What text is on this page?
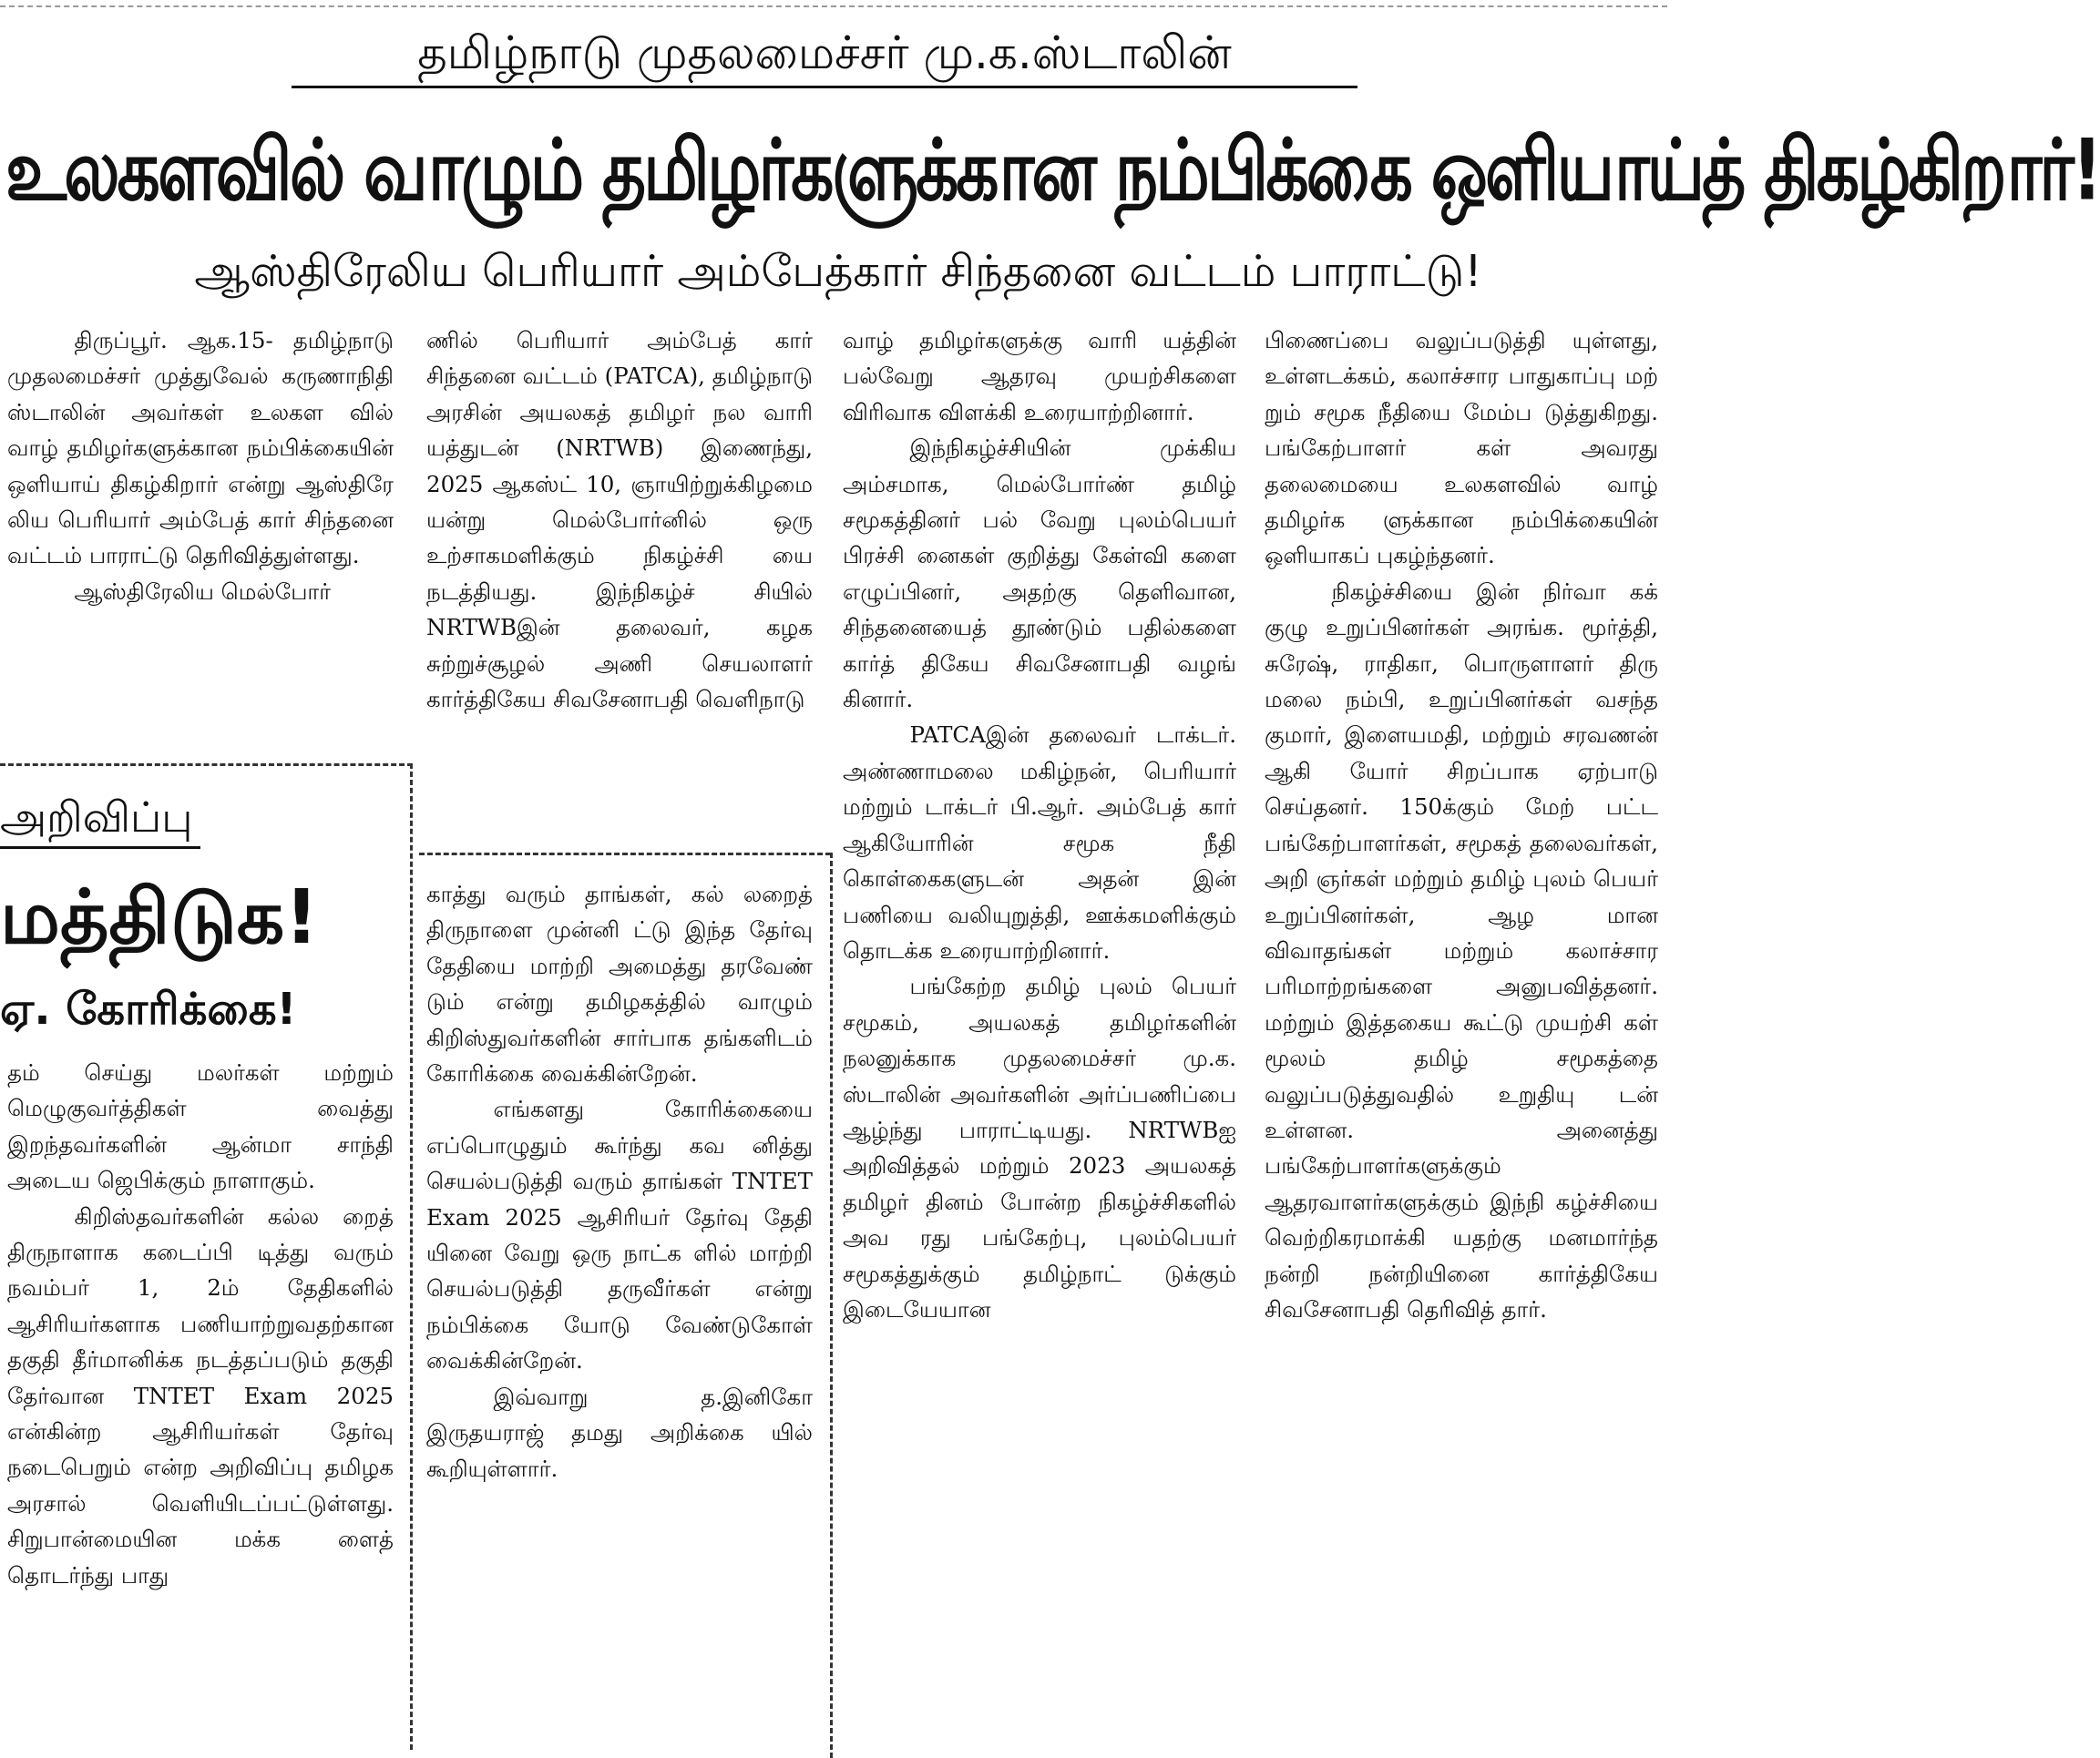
தமிழ்நாடு முதலமைச்சர் மு.க.ஸ்டாலின்
உலகளவில் வாழும் தமிழர்களுக்கான நம்பிக்கை ஒளியாய்த் திகழ்கிறார்!
ஆஸ்திரேலிய பெரியார் அம்பேத்கார் சிந்தனை வட்டம் பாராட்டு!

திருப்பூர். ஆக.15- தமிழ்நாடு முதலமைச்சர் முத்துவேல் கருணாநிதி ஸ்டாலின் அவர்கள் உலகள வில் வாழ் தமிழர்களுக்கான நம்பிக்கையின் ஒளியாய் திகழ்கிறார் என்று ஆஸ்திரே லிய பெரியார் அம்பேத் கார் சிந்தனை வட்டம் பாராட்டு தெரிவித்துள்ளது.

ஆஸ்திரேலிய மெல்போர்

ணில் பெரியார் அம்பேத் கார் சிந்தனை வட்டம் (PATCA), தமிழ்நாடு அரசின் அயலகத் தமிழர் நல வாரி யத்துடன் (NRTWB) இணைந்து, 2025 ஆகஸ்ட் 10, ஞாயிற்றுக்கிழமை யன்று மெல்போர்னில் ஒரு உற்சாகமளிக்கும் நிகழ்ச்சி யை நடத்தியது. இந்நிகழ்ச் சியில் NRTWBஇன் தலைவர், கழக சுற்றுச்சூழல் அணி செயலாளர் கார்த்திகேய சிவசேனாபதி வெளிநாடு

வாழ் தமிழர்களுக்கு வாரி யத்தின் பல்வேறு ஆதரவு முயற்சிகளை விரிவாக விளக்கி உரையாற்றினார்.

இந்நிகழ்ச்சியின் முக்கிய அம்சமாக, மெல்போர்ண் தமிழ் சமூகத்தினர் பல் வேறு புலம்பெயர் பிரச்சி னைகள் குறித்து கேள்வி களை எழுப்பினர், அதற்கு தெளிவான, சிந்தனையைத் தூண்டும் பதில்களை கார்த் திகேய சிவசேனாபதி வழங் கினார்.

PATCAஇன் தலைவர் டாக்டர். அண்ணாமலை மகிழ்நன், பெரியார் மற்றும் டாக்டர் பி.ஆர். அம்பேத் கார் ஆகியோரின் சமூக நீதி கொள்கைகளுடன் அதன் இன் பணியை வலியுறுத்தி, ஊக்கமளிக்கும் தொடக்க உரையாற்றினார்.

பங்கேற்ற தமிழ் புலம் பெயர் சமூகம், அயலகத் தமிழர்களின் நலனுக்காக முதலமைச்சர் மு.க. ஸ்டாலின் அவர்களின் அர்ப்பணிப்பை ஆழ்ந்து பாராட்டியது. NRTWBஐ அறிவித்தல் மற்றும் 2023 அயலகத் தமிழர் தினம் போன்ற நிகழ்ச்சிகளில் அவ ரது பங்கேற்பு, புலம்பெயர் சமூகத்துக்கும் தமிழ்நாட் டுக்கும் இடையேயான

பிணைப்பை வலுப்படுத்தி யுள்ளது, உள்ளடக்கம், கலாச்சார பாதுகாப்பு மற் றும் சமூக நீதியை மேம்ப டுத்துகிறது. பங்கேற்பாளர் கள் அவரது தலைமையை உலகளவில் வாழ் தமிழர்க ளுக்கான நம்பிக்கையின் ஒளியாகப் புகழ்ந்தனர்.

நிகழ்ச்சியை இன் நிர்வா கக் குழு உறுப்பினர்கள் அரங்க. மூர்த்தி, சுரேஷ், ராதிகா, பொருளாளர் திரு மலை நம்பி, உறுப்பினர்கள் வசந்த குமார், இளையமதி, மற்றும் சரவணன் ஆகி யோர் சிறப்பாக ஏற்பாடு செய்தனர். 150க்கும் மேற் பட்ட பங்கேற்பாளர்கள், சமூகத் தலைவர்கள், அறி ஞர்கள் மற்றும் தமிழ் புலம் பெயர் உறுப்பினர்கள், ஆழ மான விவாதங்கள் மற்றும் கலாச்சார பரிமாற்றங்களை அனுபவித்தனர். மற்றும் இத்தகைய கூட்டு முயற்சி கள் மூலம் தமிழ் சமூகத்தை வலுப்படுத்துவதில் உறுதியு டன் உள்ளன. அனைத்து பங்கேற்பாளர்களுக்கும் ஆதரவாளர்களுக்கும் இந்நி கழ்ச்சியை வெற்றிகரமாக்கி யதற்கு மனமார்ந்த நன்றி நன்றியினை கார்த்திகேய சிவசேனாபதி தெரிவித் தார்.

அறிவிப்பு
மத்திடுக!
ஏ. கோரிக்கை!

தம் செய்து மலர்கள் மற்றும் மெழுகுவர்த்திகள் வைத்து இறந்தவர்களின் ஆன்மா சாந்தி அடைய ஜெபிக்கும் நாளாகும்.

கிறிஸ்தவர்களின் கல்ல றைத் திருநாளாக கடைப்பி டித்து வரும் நவம்பர் 1, 2ம் தேதிகளில் ஆசிரியர்களாக பணியாற்றுவதற்கான தகுதி தீர்மானிக்க நடத்தப்படும் தகுதி தேர்வான TNTET Exam 2025 என்கின்ற ஆசிரியர்கள் தேர்வு நடைபெறும் என்ற அறிவிப்பு தமிழக அரசால் வெளியிடப்பட்டுள்ளது. சிறுபான்மையின மக்க ளைத் தொடர்ந்து பாது

காத்து வரும் தாங்கள், கல் லறைத் திருநாளை முன்னி ட்டு இந்த தேர்வு தேதியை மாற்றி அமைத்து தரவேண் டும் என்று தமிழகத்தில் வாழும் கிறிஸ்துவர்களின் சார்பாக தங்களிடம் கோரிக்கை வைக்கின்றேன்.

எங்களது கோரிக்கையை எப்பொழுதும் கூர்ந்து கவ னித்து செயல்படுத்தி வரும் தாங்கள் TNTET Exam 2025 ஆசிரியர் தேர்வு தேதி யினை வேறு ஒரு நாட்க ளில் மாற்றி செயல்படுத்தி தருவீர்கள் என்று நம்பிக்கை யோடு வேண்டுகோள் வைக்கின்றேன்.

இவ்வாறு த.இனிகோ இருதயராஜ் தமது அறிக்கை யில் கூறியுள்ளார்.
